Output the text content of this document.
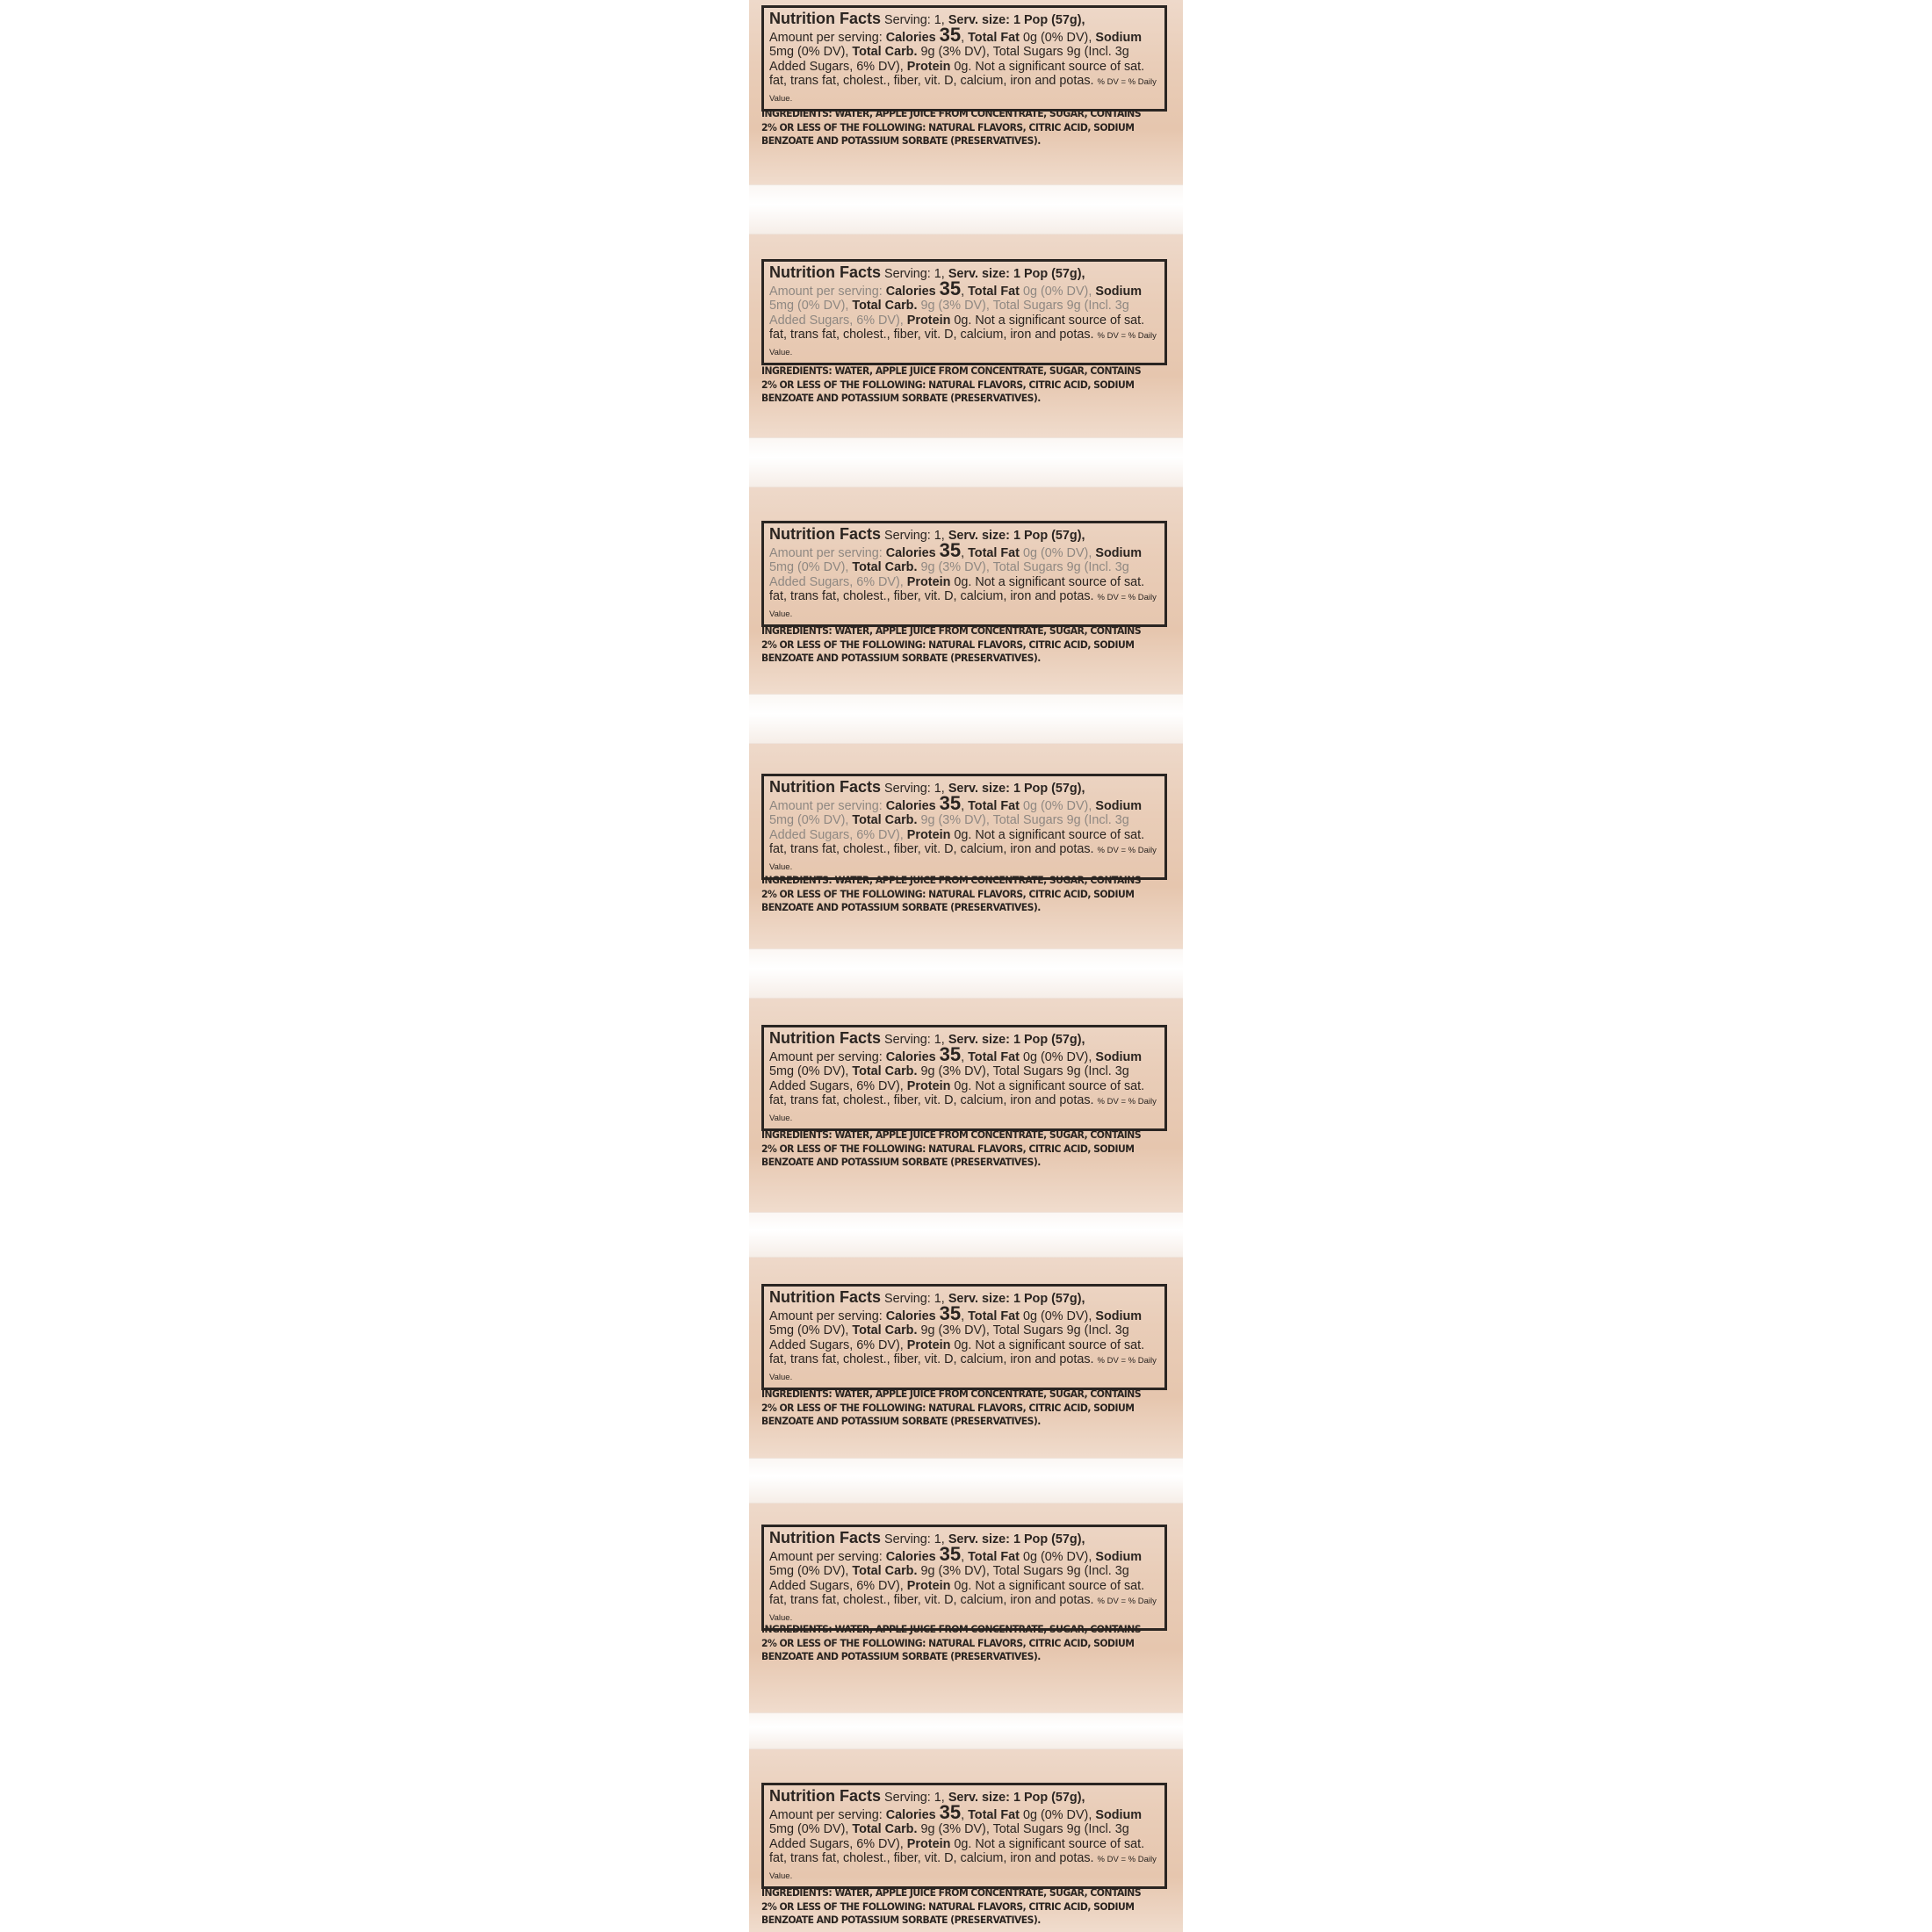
Nutrition Facts Serving: 1, Serv. size: 1 Pop (57g),
Amount per serving: Calories 35, Total Fat 0g (0% DV), Sodium 5mg (0% DV), Total Carb. 9g (3% DV), Total Sugars 9g (Incl. 3g Added Sugars, 6% DV), Protein 0g. Not a significant source of sat. fat, trans fat, cholest., fiber, vit. D, calcium, iron and potas. % DV = % Daily Value.
INGREDIENTS: WATER, APPLE JUICE FROM CONCENTRATE, SUGAR, CONTAINS
2% OR LESS OF THE FOLLOWING: NATURAL FLAVORS, CITRIC ACID, SODIUM
BENZOATE AND POTASSIUM SORBATE (PRESERVATIVES).
Nutrition Facts Serving: 1, Serv. size: 1 Pop (57g),
Amount per serving: Calories 35, Total Fat 0g (0% DV), Sodium 5mg (0% DV), Total Carb. 9g (3% DV), Total Sugars 9g (Incl. 3g Added Sugars, 6% DV), Protein 0g. Not a significant source of sat. fat, trans fat, cholest., fiber, vit. D, calcium, iron and potas. % DV = % Daily Value.
INGREDIENTS: WATER, APPLE JUICE FROM CONCENTRATE, SUGAR, CONTAINS
2% OR LESS OF THE FOLLOWING: NATURAL FLAVORS, CITRIC ACID, SODIUM
BENZOATE AND POTASSIUM SORBATE (PRESERVATIVES).
Nutrition Facts Serving: 1, Serv. size: 1 Pop (57g),
Amount per serving: Calories 35, Total Fat 0g (0% DV), Sodium 5mg (0% DV), Total Carb. 9g (3% DV), Total Sugars 9g (Incl. 3g Added Sugars, 6% DV), Protein 0g. Not a significant source of sat. fat, trans fat, cholest., fiber, vit. D, calcium, iron and potas. % DV = % Daily Value.
INGREDIENTS: WATER, APPLE JUICE FROM CONCENTRATE, SUGAR, CONTAINS
2% OR LESS OF THE FOLLOWING: NATURAL FLAVORS, CITRIC ACID, SODIUM
BENZOATE AND POTASSIUM SORBATE (PRESERVATIVES).
Nutrition Facts Serving: 1, Serv. size: 1 Pop (57g),
Amount per serving: Calories 35, Total Fat 0g (0% DV), Sodium 5mg (0% DV), Total Carb. 9g (3% DV), Total Sugars 9g (Incl. 3g Added Sugars, 6% DV), Protein 0g. Not a significant source of sat. fat, trans fat, cholest., fiber, vit. D, calcium, iron and potas. % DV = % Daily Value.
INGREDIENTS: WATER, APPLE JUICE FROM CONCENTRATE, SUGAR, CONTAINS
2% OR LESS OF THE FOLLOWING: NATURAL FLAVORS, CITRIC ACID, SODIUM
BENZOATE AND POTASSIUM SORBATE (PRESERVATIVES).
Nutrition Facts Serving: 1, Serv. size: 1 Pop (57g),
Amount per serving: Calories 35, Total Fat 0g (0% DV), Sodium 5mg (0% DV), Total Carb. 9g (3% DV), Total Sugars 9g (Incl. 3g Added Sugars, 6% DV), Protein 0g. Not a significant source of sat. fat, trans fat, cholest., fiber, vit. D, calcium, iron and potas. % DV = % Daily Value.
INGREDIENTS: WATER, APPLE JUICE FROM CONCENTRATE, SUGAR, CONTAINS
2% OR LESS OF THE FOLLOWING: NATURAL FLAVORS, CITRIC ACID, SODIUM
BENZOATE AND POTASSIUM SORBATE (PRESERVATIVES).
Nutrition Facts Serving: 1, Serv. size: 1 Pop (57g),
Amount per serving: Calories 35, Total Fat 0g (0% DV), Sodium 5mg (0% DV), Total Carb. 9g (3% DV), Total Sugars 9g (Incl. 3g Added Sugars, 6% DV), Protein 0g. Not a significant source of sat. fat, trans fat, cholest., fiber, vit. D, calcium, iron and potas. % DV = % Daily Value.
INGREDIENTS: WATER, APPLE JUICE FROM CONCENTRATE, SUGAR, CONTAINS
2% OR LESS OF THE FOLLOWING: NATURAL FLAVORS, CITRIC ACID, SODIUM
BENZOATE AND POTASSIUM SORBATE (PRESERVATIVES).
Nutrition Facts Serving: 1, Serv. size: 1 Pop (57g),
Amount per serving: Calories 35, Total Fat 0g (0% DV), Sodium 5mg (0% DV), Total Carb. 9g (3% DV), Total Sugars 9g (Incl. 3g Added Sugars, 6% DV), Protein 0g. Not a significant source of sat. fat, trans fat, cholest., fiber, vit. D, calcium, iron and potas. % DV = % Daily Value.
INGREDIENTS: WATER, APPLE JUICE FROM CONCENTRATE, SUGAR, CONTAINS
2% OR LESS OF THE FOLLOWING: NATURAL FLAVORS, CITRIC ACID, SODIUM
BENZOATE AND POTASSIUM SORBATE (PRESERVATIVES).
Nutrition Facts Serving: 1, Serv. size: 1 Pop (57g),
Amount per serving: Calories 35, Total Fat 0g (0% DV), Sodium 5mg (0% DV), Total Carb. 9g (3% DV), Total Sugars 9g (Incl. 3g Added Sugars, 6% DV), Protein 0g. Not a significant source of sat. fat, trans fat, cholest., fiber, vit. D, calcium, iron and potas. % DV = % Daily Value.
INGREDIENTS: WATER, APPLE JUICE FROM CONCENTRATE, SUGAR, CONTAINS
2% OR LESS OF THE FOLLOWING: NATURAL FLAVORS, CITRIC ACID, SODIUM
BENZOATE AND POTASSIUM SORBATE (PRESERVATIVES).
